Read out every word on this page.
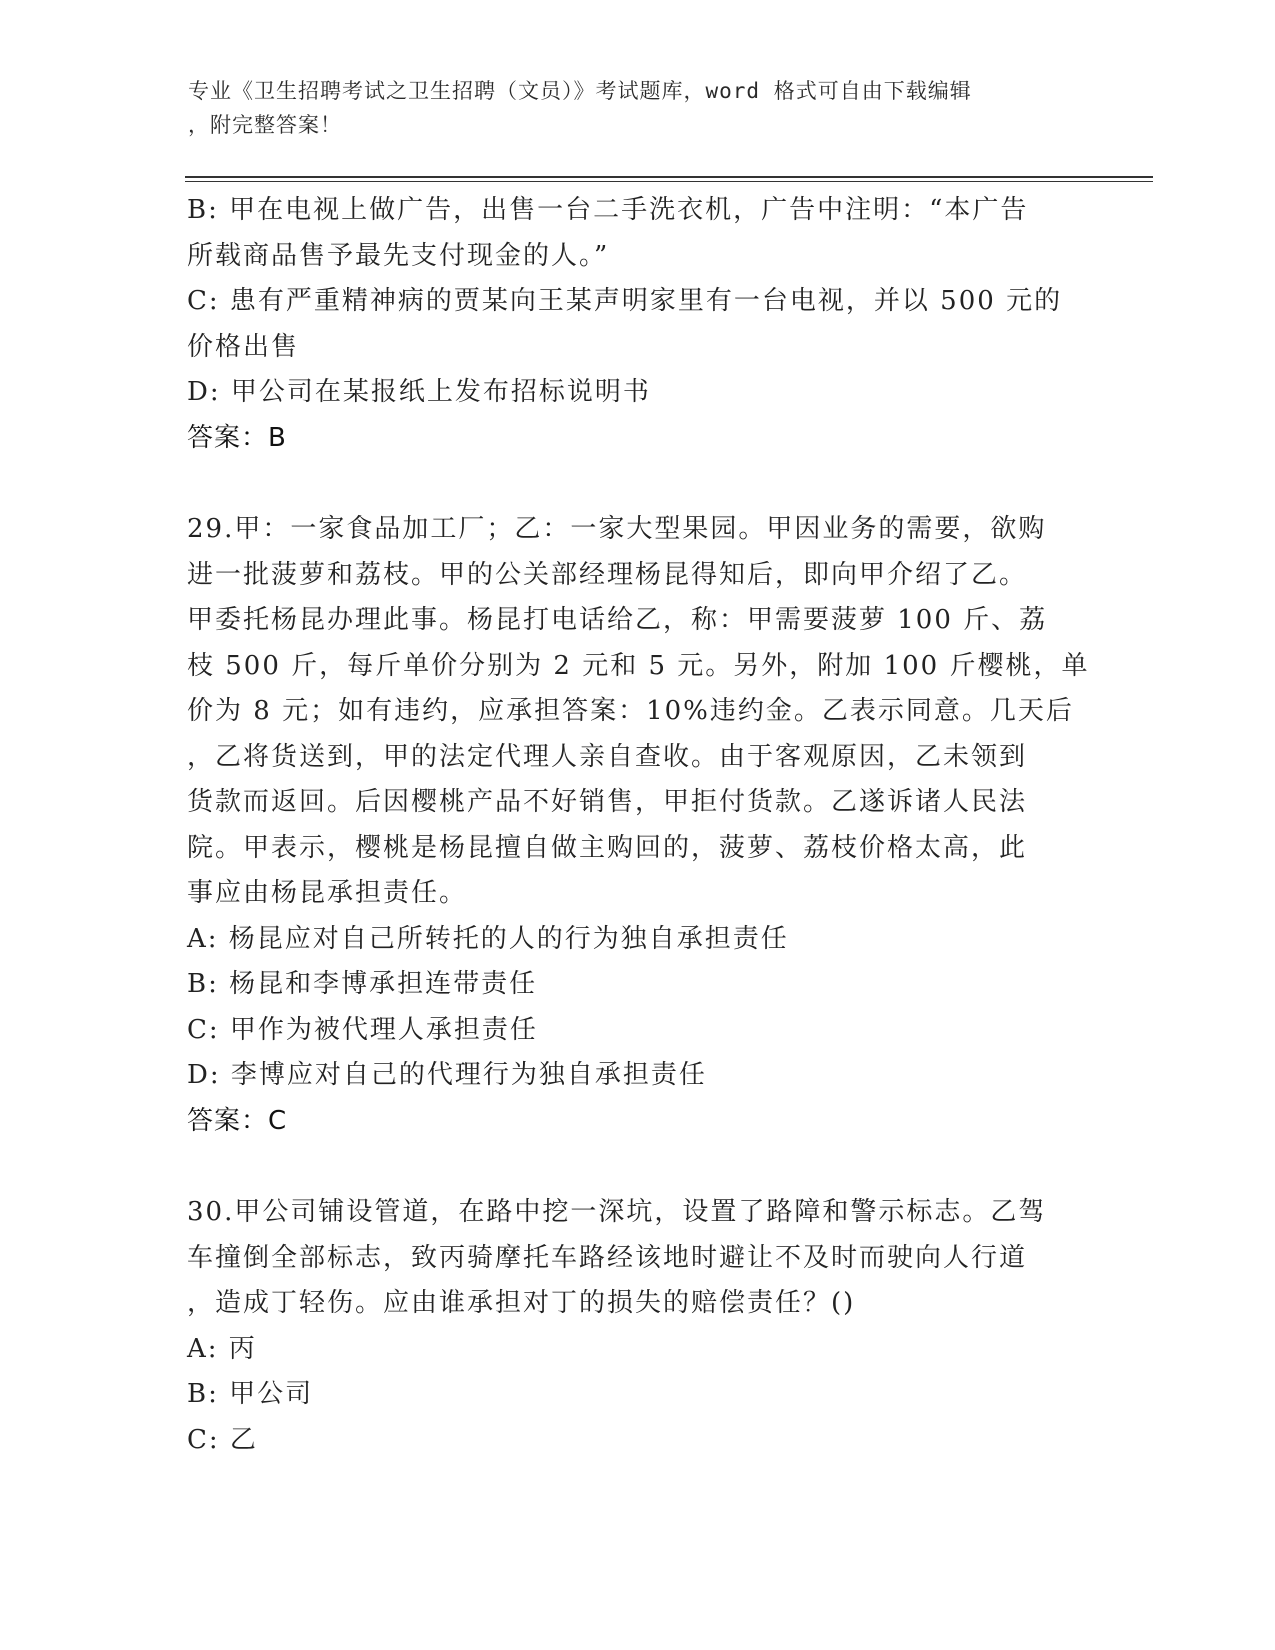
专业《卫生招聘考试之卫生招聘（文员）》考试题库，word 格式可自由下载编辑
，附完整答案！
B: 甲在电视上做广告，出售一台二手洗衣机，广告中注明：“本广告
所载商品售予最先支付现金的人。”
C: 患有严重精神病的贾某向王某声明家里有一台电视，并以 500 元的
价格出售
D: 甲公司在某报纸上发布招标说明书
答案：B
29.甲：一家食品加工厂；乙：一家大型果园。甲因业务的需要，欲购
进一批菠萝和荔枝。甲的公关部经理杨昆得知后，即向甲介绍了乙。
甲委托杨昆办理此事。杨昆打电话给乙，称：甲需要菠萝 100 斤、荔
枝 500 斤，每斤单价分别为 2 元和 5 元。另外，附加 100 斤樱桃，单
价为 8 元；如有违约，应承担答案：10%违约金。乙表示同意。几天后
，乙将货送到，甲的法定代理人亲自查收。由于客观原因，乙未领到
货款而返回。后因樱桃产品不好销售，甲拒付货款。乙遂诉诸人民法
院。甲表示，樱桃是杨昆擅自做主购回的，菠萝、荔枝价格太高，此
事应由杨昆承担责任。
A: 杨昆应对自己所转托的人的行为独自承担责任
B: 杨昆和李博承担连带责任
C: 甲作为被代理人承担责任
D: 李博应对自己的代理行为独自承担责任
答案：C
30.甲公司铺设管道，在路中挖一深坑，设置了路障和警示标志。乙驾
车撞倒全部标志，致丙骑摩托车路经该地时避让不及时而驶向人行道
，造成丁轻伤。应由谁承担对丁的损失的赔偿责任？()
A: 丙
B: 甲公司
C: 乙
